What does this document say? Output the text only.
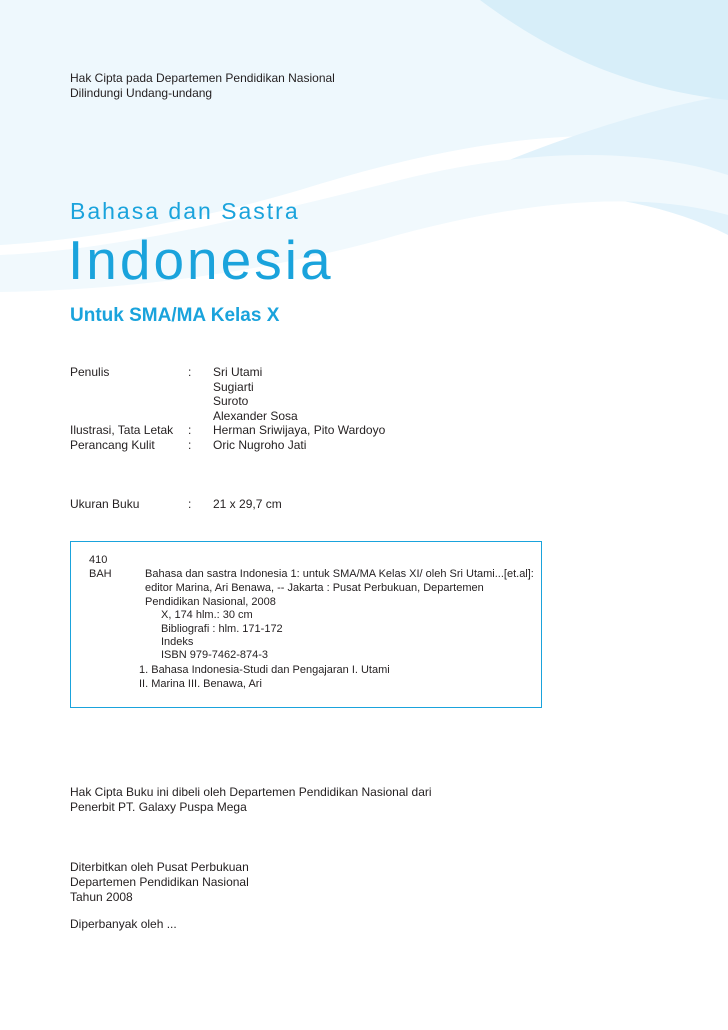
Hak Cipta pada Departemen Pendidikan Nasional
Dilindungi Undang-undang
Bahasa dan Sastra
Indonesia
Untuk SMA/MA Kelas X
Penulis	:	Sri Utami
Sugiarti
Suroto
Alexander Sosa
Ilustrasi, Tata Letak	:	Herman Sriwijaya, Pito Wardoyo
Perancang Kulit	:	Oric Nugroho Jati
Ukuran Buku	:	21 x 29,7 cm
410
BAH	Bahasa dan sastra Indonesia 1: untuk SMA/MA Kelas XI/ oleh Sri Utami...[et.al]:
editor Marina, Ari Benawa, -- Jakarta : Pusat Perbukuan, Departemen
Pendidikan Nasional, 2008
X, 174 hlm.: 30 cm
Bibliografi : hlm. 171-172
Indeks
ISBN 979-7462-874-3
1. Bahasa Indonesia-Studi dan Pengajaran I. Utami
II. Marina III. Benawa, Ari
Hak Cipta Buku ini dibeli oleh Departemen Pendidikan Nasional dari
Penerbit PT. Galaxy Puspa Mega
Diterbitkan oleh Pusat Perbukuan
Departemen Pendidikan Nasional
Tahun 2008
Diperbanyak oleh ...
